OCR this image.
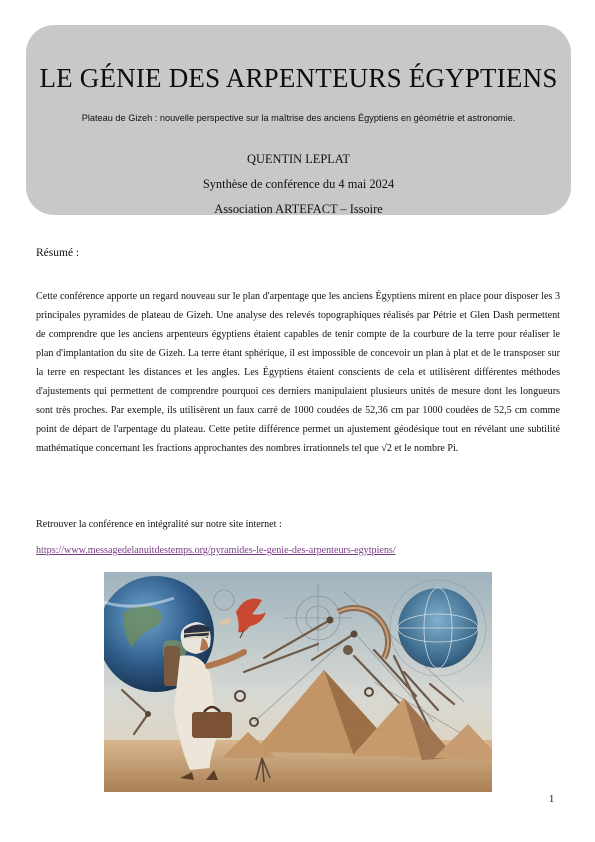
LE GÉNIE DES ARPENTEURS ÉGYPTIENS

Plateau de Gizeh : nouvelle perspective sur la maîtrise des anciens Égyptiens en géométrie et astronomie.

QUENTIN LEPLAT

Synthèse de conférence du 4 mai 2024

Association ARTEFACT – Issoire

Résumé :

Cette conférence apporte un regard nouveau sur le plan d'arpentage que les anciens Égyptiens mirent en place pour disposer les 3 principales pyramides de plateau de Gizeh. Une analyse des relevés topographiques réalisés par Pétrie et Glen Dash permettent de comprendre que les anciens arpenteurs égyptiens étaient capables de tenir compte de la courbure de la terre pour réaliser le plan d'implantation du site de Gizeh. La terre étant sphérique, il est impossible de concevoir un plan à plat et de le transposer sur la terre en respectant les distances et les angles. Les Égyptiens étaient conscients de cela et utilisèrent différentes méthodes d'ajustements qui permettent de comprendre pourquoi ces derniers manipulaient plusieurs unités de mesure dont les longueurs sont très proches. Par exemple, ils utilisèrent un faux carré de 1000 coudées de 52,36 cm par 1000 coudées de 52,5 cm comme point de départ de l'arpentage du plateau. Cette petite différence permet un ajustement géodésique tout en révélant une subtilité mathématique concernant les fractions approchantes des nombres irrationnels tel que √2 et le nombre Pi.

Retrouver la conférence en intégralité sur notre site internet :

https://www.messagedelanuitdestemps.org/pyramides-le-genie-des-arpenteurs-egytpiens/

1
